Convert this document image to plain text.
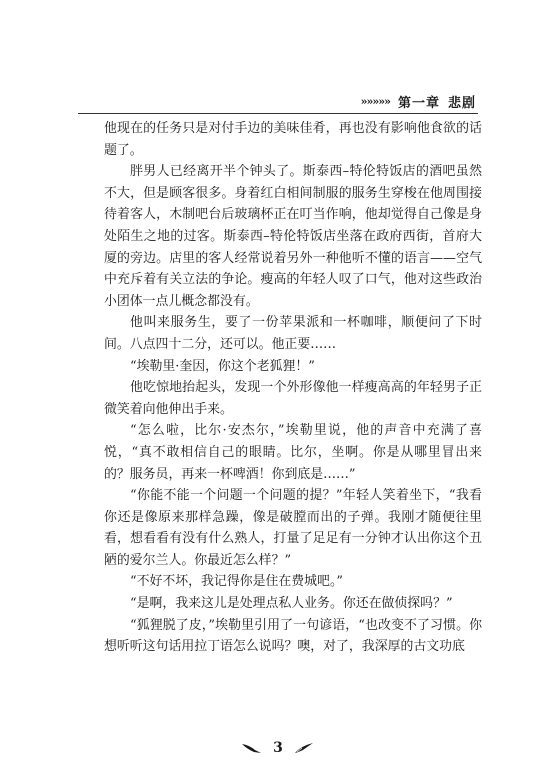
»»»»» 第一章 悲剧

他现在的任务只是对付手边的美味佳肴，再也没有影响他食欲的话题了。

胖男人已经离开半个钟头了。斯泰西–特伦特饭店的酒吧虽然不大，但是顾客很多。身着红白相间制服的服务生穿梭在他周围接待着客人，木制吧台后玻璃杯正在叮当作响，他却觉得自己像是身处陌生之地的过客。斯泰西–特伦特饭店坐落在政府西街，首府大厦的旁边。店里的客人经常说着另外一种他听不懂的语言——空气中充斥着有关立法的争论。瘦高的年轻人叹了口气，他对这些政治小团体一点儿概念都没有。

他叫来服务生，要了一份苹果派和一杯咖啡，顺便问了下时间。八点四十二分，还可以。他正要……

“埃勒里·奎因，你这个老狐狸！”

他吃惊地抬起头，发现一个外形像他一样瘦高高的年轻男子正微笑着向他伸出手来。

“怎么啦，比尔·安杰尔，”埃勒里说，他的声音中充满了喜悦，“真不敢相信自己的眼睛。比尔，坐啊。你是从哪里冒出来的？服务员，再来一杯啤酒！你到底是……”

“你能不能一个问题一个问题的提？”年轻人笑着坐下，“我看你还是像原来那样急躁，像是破膛而出的子弹。我刚才随便往里看，想看看有没有什么熟人，打量了足足有一分钟才认出你这个丑陋的爱尔兰人。你最近怎么样？”

“不好不坏，我记得你是住在费城吧。”

“是啊，我来这儿是处理点私人业务。你还在做侦探吗？”

“狐狸脱了皮，”埃勒里引用了一句谚语，“也改变不了习惯。你想听听这句话用拉丁语怎么说吗？噢，对了，我深厚的古文功底

3
